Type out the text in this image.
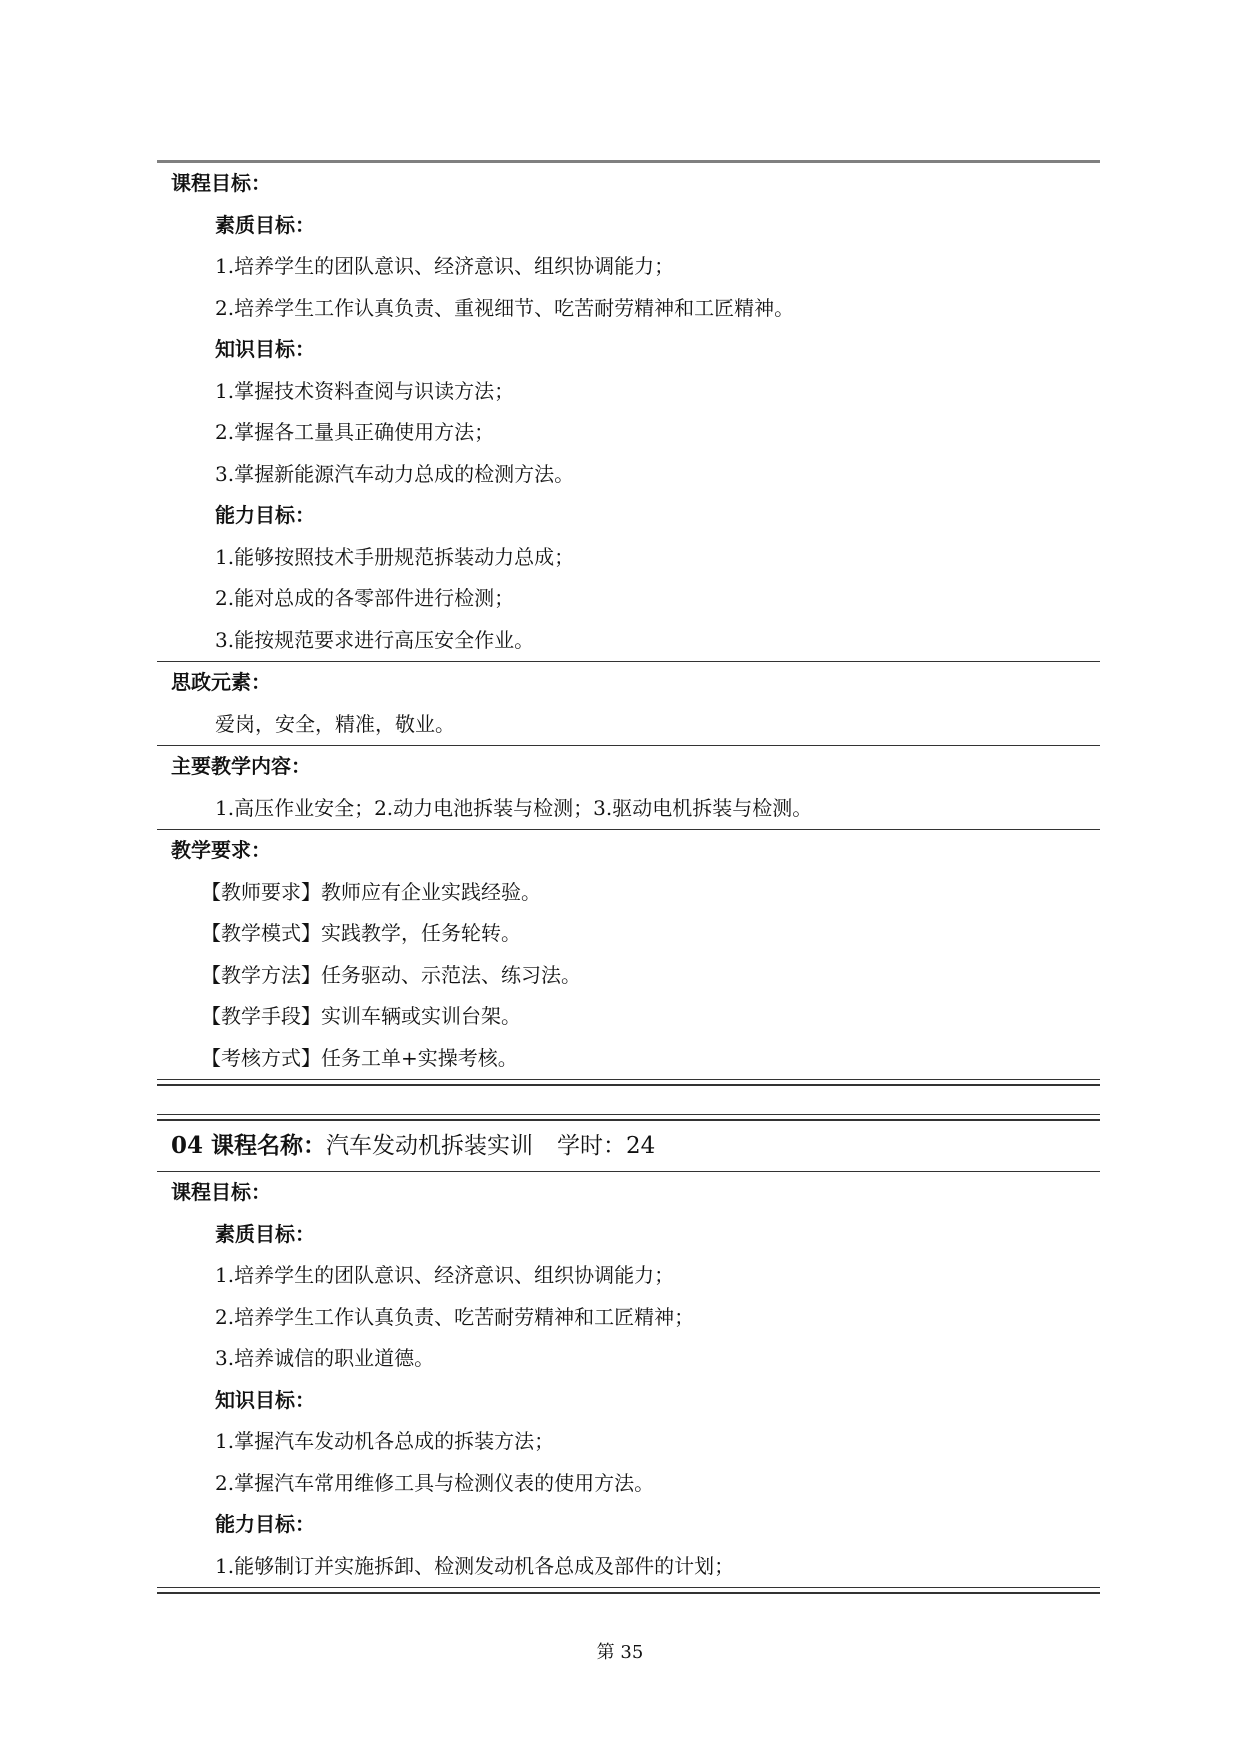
课程目标：
素质目标：
1.培养学生的团队意识、经济意识、组织协调能力；
2.培养学生工作认真负责、重视细节、吃苦耐劳精神和工匠精神。
知识目标：
1.掌握技术资料查阅与识读方法；
2.掌握各工量具正确使用方法；
3.掌握新能源汽车动力总成的检测方法。
能力目标：
1.能够按照技术手册规范拆装动力总成；
2.能对总成的各零部件进行检测；
3.能按规范要求进行高压安全作业。
思政元素：
爱岗，安全，精准，敬业。
主要教学内容：
1.高压作业安全；2.动力电池拆装与检测；3.驱动电机拆装与检测。
教学要求：
【教师要求】教师应有企业实践经验。
【教学模式】实践教学，任务轮转。
【教学方法】任务驱动、示范法、练习法。
【教学手段】实训车辆或实训台架。
【考核方式】任务工单+实操考核。
04 课程名称：汽车发动机拆装实训 学时：24
课程目标：
素质目标：
1.培养学生的团队意识、经济意识、组织协调能力；
2.培养学生工作认真负责、吃苦耐劳精神和工匠精神；
3.培养诚信的职业道德。
知识目标：
1.掌握汽车发动机各总成的拆装方法；
2.掌握汽车常用维修工具与检测仪表的使用方法。
能力目标：
1.能够制订并实施拆卸、检测发动机各总成及部件的计划；
第 35
